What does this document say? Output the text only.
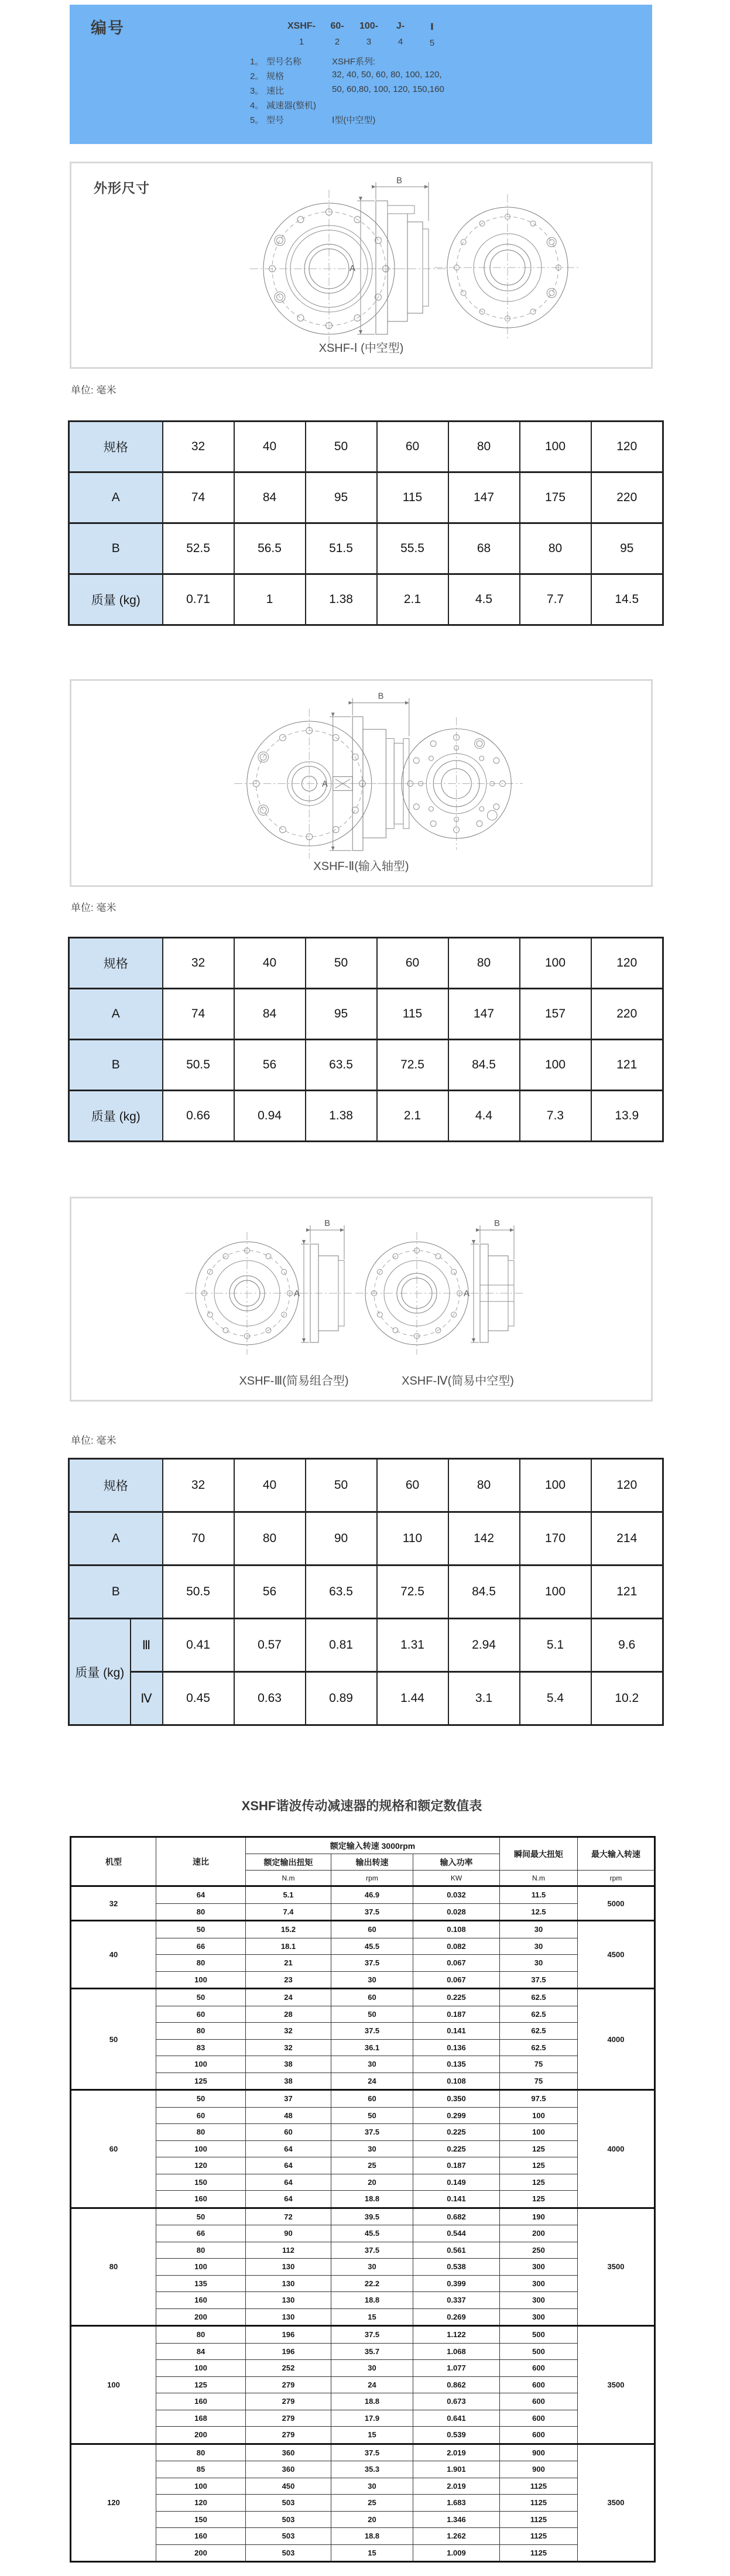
编号	XSHF-
1
60-
2
100-
3
J-
4
Ⅰ
5
1。 型号名称	XSHF系列:
2。 规格	32, 40, 50, 60, 80, 100, 120,
3。 速比	50, 60,80, 100, 120, 150,160
4。 减速器(整机)
5。 型号	Ⅰ型(中空型)
外形尺寸	B
A
XSHF-Ⅰ (中空型)
单位: 毫米
规格	32	40	50	60	80	100	120
A	74	84	95	115	147	175	220
B	52.5	56.5	51.5	55.5	68	80	95
质量 (kg)	0.71	1	1.38	2.1	4.5	7.7	14.5
B
A
XSHF-Ⅱ(输入轴型)
单位: 毫米
规格	32	40	50	60	80	100	120
A	74	84	95	115	147	157	220
B	50.5	56	63.5	72.5	84.5	100	121
质量 (kg)	0.66	0.94	1.38	2.1	4.4	7.3	13.9
B
A
B
A
XSHF-Ⅲ(简易组合型)	XSHF-Ⅳ(简易中空型)
单位: 毫米
规格		32	40	50	60	80	100	120
A		70	80	90	110	142	170	214
B		50.5	56	63.5	72.5	84.5	100	121
质量 (kg)	Ⅲ	0.41	0.57	0.81	1.31	2.94	5.1	9.6
	Ⅳ	0.45	0.63	0.89	1.44	3.1	5.4	10.2
XSHF谐波传动减速器的规格和额定数值表
机型	速比	额定输入转速 3000rpm			瞬间最大扭矩	最大输入转速
		额定输出扭矩	输出转速	输入功率		
		N.m	rpm	KW	N.m	rpm
32	64	5.1	46.9	0.032	11.5	5000
	80	7.4	37.5	0.028	12.5	
40	50	15.2	60	0.108	30	4500
	66	18.1	45.5	0.082	30	
	80	21	37.5	0.067	30	
	100	23	30	0.067	37.5	
50	50	24	60	0.225	62.5	4000
	60	28	50	0.187	62.5	
	80	32	37.5	0.141	62.5	
	83	32	36.1	0.136	62.5	
	100	38	30	0.135	75	
	125	38	24	0.108	75	
60	50	37	60	0.350	97.5	4000
	60	48	50	0.299	100	
	80	60	37.5	0.225	100	
	100	64	30	0.225	125	
	120	64	25	0.187	125	
	150	64	20	0.149	125	
	160	64	18.8	0.141	125	
80	50	72	39.5	0.682	190	3500
	66	90	45.5	0.544	200	
	80	112	37.5	0.561	250	
	100	130	30	0.538	300	
	135	130	22.2	0.399	300	
	160	130	18.8	0.337	300	
	200	130	15	0.269	300	
100	80	196	37.5	1.122	500	3500
	84	196	35.7	1.068	500	
	100	252	30	1.077	600	
	125	279	24	0.862	600	
	160	279	18.8	0.673	600	
	168	279	17.9	0.641	600	
	200	279	15	0.539	600	
120	80	360	37.5	2.019	900	3500
	85	360	35.3	1.901	900	
	100	450	30	2.019	1125	
	120	503	25	1.683	1125	
	150	503	20	1.346	1125	
	160	503	18.8	1.262	1125	
	200	503	15	1.009	1125	
